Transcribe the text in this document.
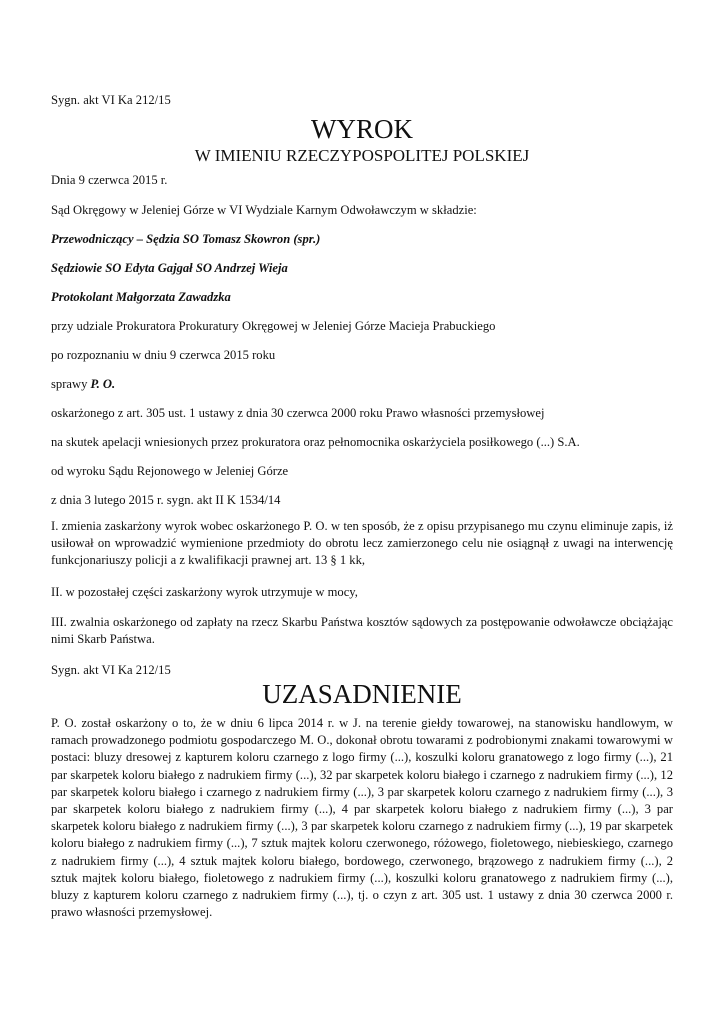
Sygn. akt VI Ka 212/15
WYROK
W IMIENIU RZECZYPOSPOLITEJ POLSKIEJ
Dnia 9 czerwca 2015 r.
Sąd Okręgowy w Jeleniej Górze w VI Wydziale Karnym Odwoławczym w składzie:
Przewodniczący – Sędzia SO Tomasz Skowron (spr.)
Sędziowie SO Edyta Gajgał SO Andrzej Wieja
Protokolant Małgorzata Zawadzka
przy udziale Prokuratora Prokuratury Okręgowej w Jeleniej Górze Macieja Prabuckiego
po rozpoznaniu w dniu 9 czerwca 2015 roku
sprawy P. O.
oskarżonego z art. 305 ust. 1 ustawy z dnia 30 czerwca 2000 roku Prawo własności przemysłowej
na skutek apelacji wniesionych przez prokuratora oraz pełnomocnika oskarżyciela posiłkowego (...) S.A.
od wyroku Sądu Rejonowego w Jeleniej Górze
z dnia 3 lutego 2015 r. sygn. akt II K 1534/14
I. zmienia zaskarżony wyrok wobec oskarżonego P. O. w ten sposób, że z opisu przypisanego mu czynu eliminuje zapis, iż usiłował on wprowadzić wymienione przedmioty do obrotu lecz zamierzonego celu nie osiągnął z uwagi na interwencję funkcjonariuszy policji a z kwalifikacji prawnej art. 13 § 1 kk,
II. w pozostałej części zaskarżony wyrok utrzymuje w mocy,
III. zwalnia oskarżonego od zapłaty na rzecz Skarbu Państwa kosztów sądowych za postępowanie odwoławcze obciążając nimi Skarb Państwa.
Sygn. akt VI Ka 212/15
UZASADNIENIE
P. O. został oskarżony o to, że w dniu 6 lipca 2014 r. w J. na terenie giełdy towarowej, na stanowisku handlowym, w ramach prowadzonego podmiotu gospodarczego M. O., dokonał obrotu towarami z podrobionymi znakami towarowymi w postaci: bluzy dresowej z kapturem koloru czarnego z logo firmy (...), koszulki koloru granatowego z logo firmy (...), 21 par skarpetek koloru białego z nadrukiem firmy (...), 32 par skarpetek koloru białego i czarnego z nadrukiem firmy (...), 12 par skarpetek koloru białego i czarnego z nadrukiem firmy (...), 3 par skarpetek koloru czarnego z nadrukiem firmy (...), 3 par skarpetek koloru białego z nadrukiem firmy (...), 4 par skarpetek koloru białego z nadrukiem firmy (...), 3 par skarpetek koloru białego z nadrukiem firmy (...), 3 par skarpetek koloru czarnego z nadrukiem firmy (...), 19 par skarpetek koloru białego z nadrukiem firmy (...), 7 sztuk majtek koloru czerwonego, różowego, fioletowego, niebieskiego, czarnego z nadrukiem firmy (...), 4 sztuk majtek koloru białego, bordowego, czerwonego, brązowego z nadrukiem firmy (...), 2 sztuk majtek koloru białego, fioletowego z nadrukiem firmy (...), koszulki koloru granatowego z nadrukiem firmy (...), bluzy z kapturem koloru czarnego z nadrukiem firmy (...), tj. o czyn z art. 305 ust. 1 ustawy z dnia 30 czerwca 2000 r. prawo własności przemysłowej.
